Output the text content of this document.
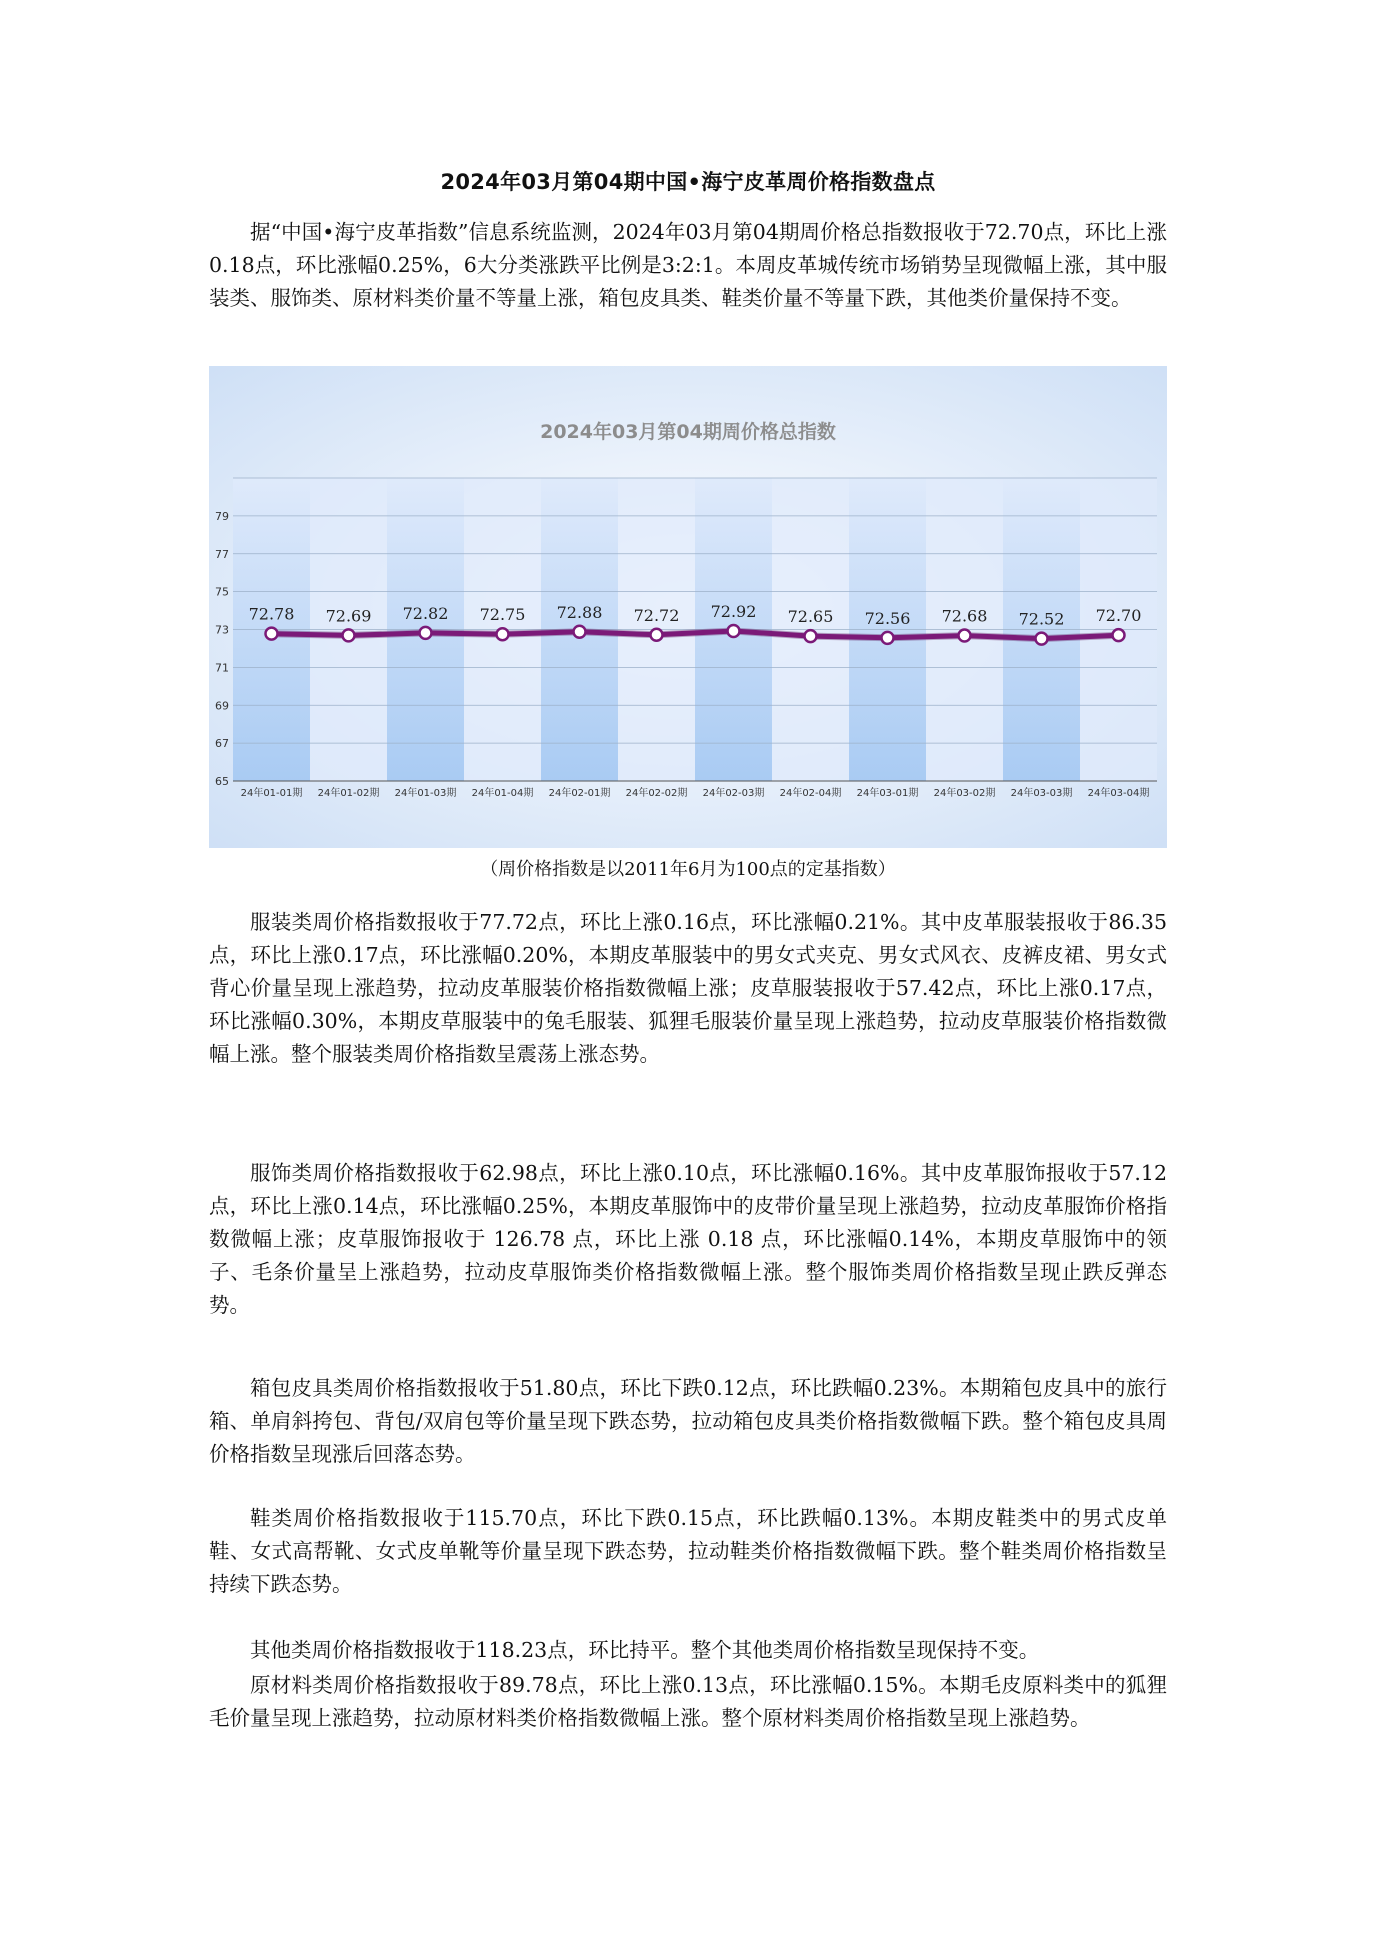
2024年03月第04期中国•海宁皮革周价格指数盘点

据“中国•海宁皮革指数”信息系统监测，2024年03月第04期周价格总指数报收于72.70点，环比上涨0.18点，环比涨幅0.25%，6大分类涨跌平比例是3:2:1。本周皮革城传统市场销势呈现微幅上涨，其中服装类、服饰类、原材料类价量不等量上涨，箱包皮具类、鞋类价量不等量下跌，其他类价量保持不变。

65
67
69
71
73
75
77
79
2024年03月第04期周价格总指数
24年01-01期 24年01-02期 24年01-03期 24年01-04期 24年02-01期 24年02-02期 24年02-03期 24年02-04期 24年03-01期 24年03-02期 24年03-03期 24年03-04期
72.78 72.69 72.82 72.75 72.88 72.72 72.92 72.65 72.56 72.68 72.52 72.70
（周价格指数是以2011年6月为100点的定基指数）

服装类周价格指数报收于77.72点，环比上涨0.16点，环比涨幅0.21%。其中皮革服装报收于86.35点，环比上涨0.17点，环比涨幅0.20%，本期皮革服装中的男女式夹克、男女式风衣、皮裤皮裙、男女式背心价量呈现上涨趋势，拉动皮革服装价格指数微幅上涨；皮草服装报收于57.42点，环比上涨0.17点，环比涨幅0.30%，本期皮草服装中的兔毛服装、狐狸毛服装价量呈现上涨趋势，拉动皮草服装价格指数微幅上涨。整个服装类周价格指数呈震荡上涨态势。

服饰类周价格指数报收于62.98点，环比上涨0.10点，环比涨幅0.16%。其中皮革服饰报收于57.12点，环比上涨0.14点，环比涨幅0.25%，本期皮革服饰中的皮带价量呈现上涨趋势，拉动皮革服饰价格指数微幅上涨；皮草服饰报收于 126.78 点，环比上涨 0.18 点，环比涨幅0.14%，本期皮草服饰中的领子、毛条价量呈上涨趋势，拉动皮草服饰类价格指数微幅上涨。整个服饰类周价格指数呈现止跌反弹态势。

箱包皮具类周价格指数报收于51.80点，环比下跌0.12点，环比跌幅0.23%。本期箱包皮具中的旅行箱、单肩斜挎包、背包/双肩包等价量呈现下跌态势，拉动箱包皮具类价格指数微幅下跌。整个箱包皮具周价格指数呈现涨后回落态势。

鞋类周价格指数报收于115.70点，环比下跌0.15点，环比跌幅0.13%。本期皮鞋类中的男式皮单鞋、女式高帮靴、女式皮单靴等价量呈现下跌态势，拉动鞋类价格指数微幅下跌。整个鞋类周价格指数呈持续下跌态势。

其他类周价格指数报收于118.23点，环比持平。整个其他类周价格指数呈现保持不变。

原材料类周价格指数报收于89.78点，环比上涨0.13点，环比涨幅0.15%。本期毛皮原料类中的狐狸毛价量呈现上涨趋势，拉动原材料类价格指数微幅上涨。整个原材料类周价格指数呈现上涨趋势。
